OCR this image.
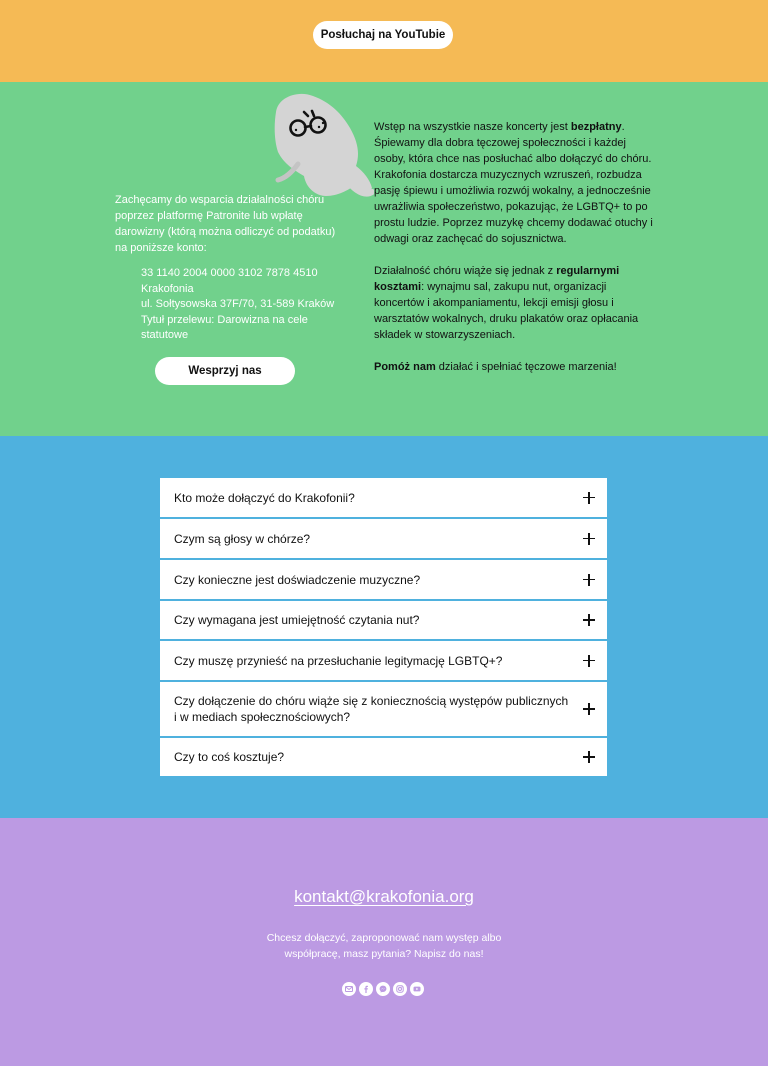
Posłuchaj na YouTubie
Zachęcamy do wsparcia działalności chóru poprzez platformę Patronite lub wpłatę darowizny (którą można odliczyć od podatku) na poniższe konto:
33 1140 2004 0000 3102 7878 4510
Krakofonia
ul. Sołtysowska 37F/70, 31-589 Kraków
Tytuł przelewu: Darowizna na cele statutowe
Wesprzyj nas

Wstęp na wszystkie nasze koncerty jest bezpłatny. Śpiewamy dla dobra tęczowej społeczności i każdej osoby, która chce nas posłuchać albo dołączyć do chóru. Krakofonia dostarcza muzycznych wzruszeń, rozbudza pasję śpiewu i umożliwia rozwój wokalny, a jednocześnie uwrażliwia społeczeństwo, pokazując, że LGBTQ+ to po prostu ludzie. Poprzez muzykę chcemy dodawać otuchy i odwagi oraz zachęcać do sojusznictwa.

Działalność chóru wiąże się jednak z regularnymi kosztami: wynajmu sal, zakupu nut, organizacji koncertów i akompaniamentu, lekcji emisji głosu i warsztatów wokalnych, druku plakatów oraz opłacania składek w stowarzyszeniach.

Pomóż nam działać i spełniać tęczowe marzenia!

Kto może dołączyć do Krakofonii?
Czym są głosy w chórze?
Czy konieczne jest doświadczenie muzyczne?
Czy wymagana jest umiejętność czytania nut?
Czy muszę przynieść na przesłuchanie legitymację LGBTQ+?
Czy dołączenie do chóru wiąże się z koniecznością występów publicznych i w mediach społecznościowych?
Czy to coś kosztuje?
kontakt@krakofonia.org
Chcesz dołączyć, zaproponować nam występ albo współpracę, masz pytania? Napisz do nas!
